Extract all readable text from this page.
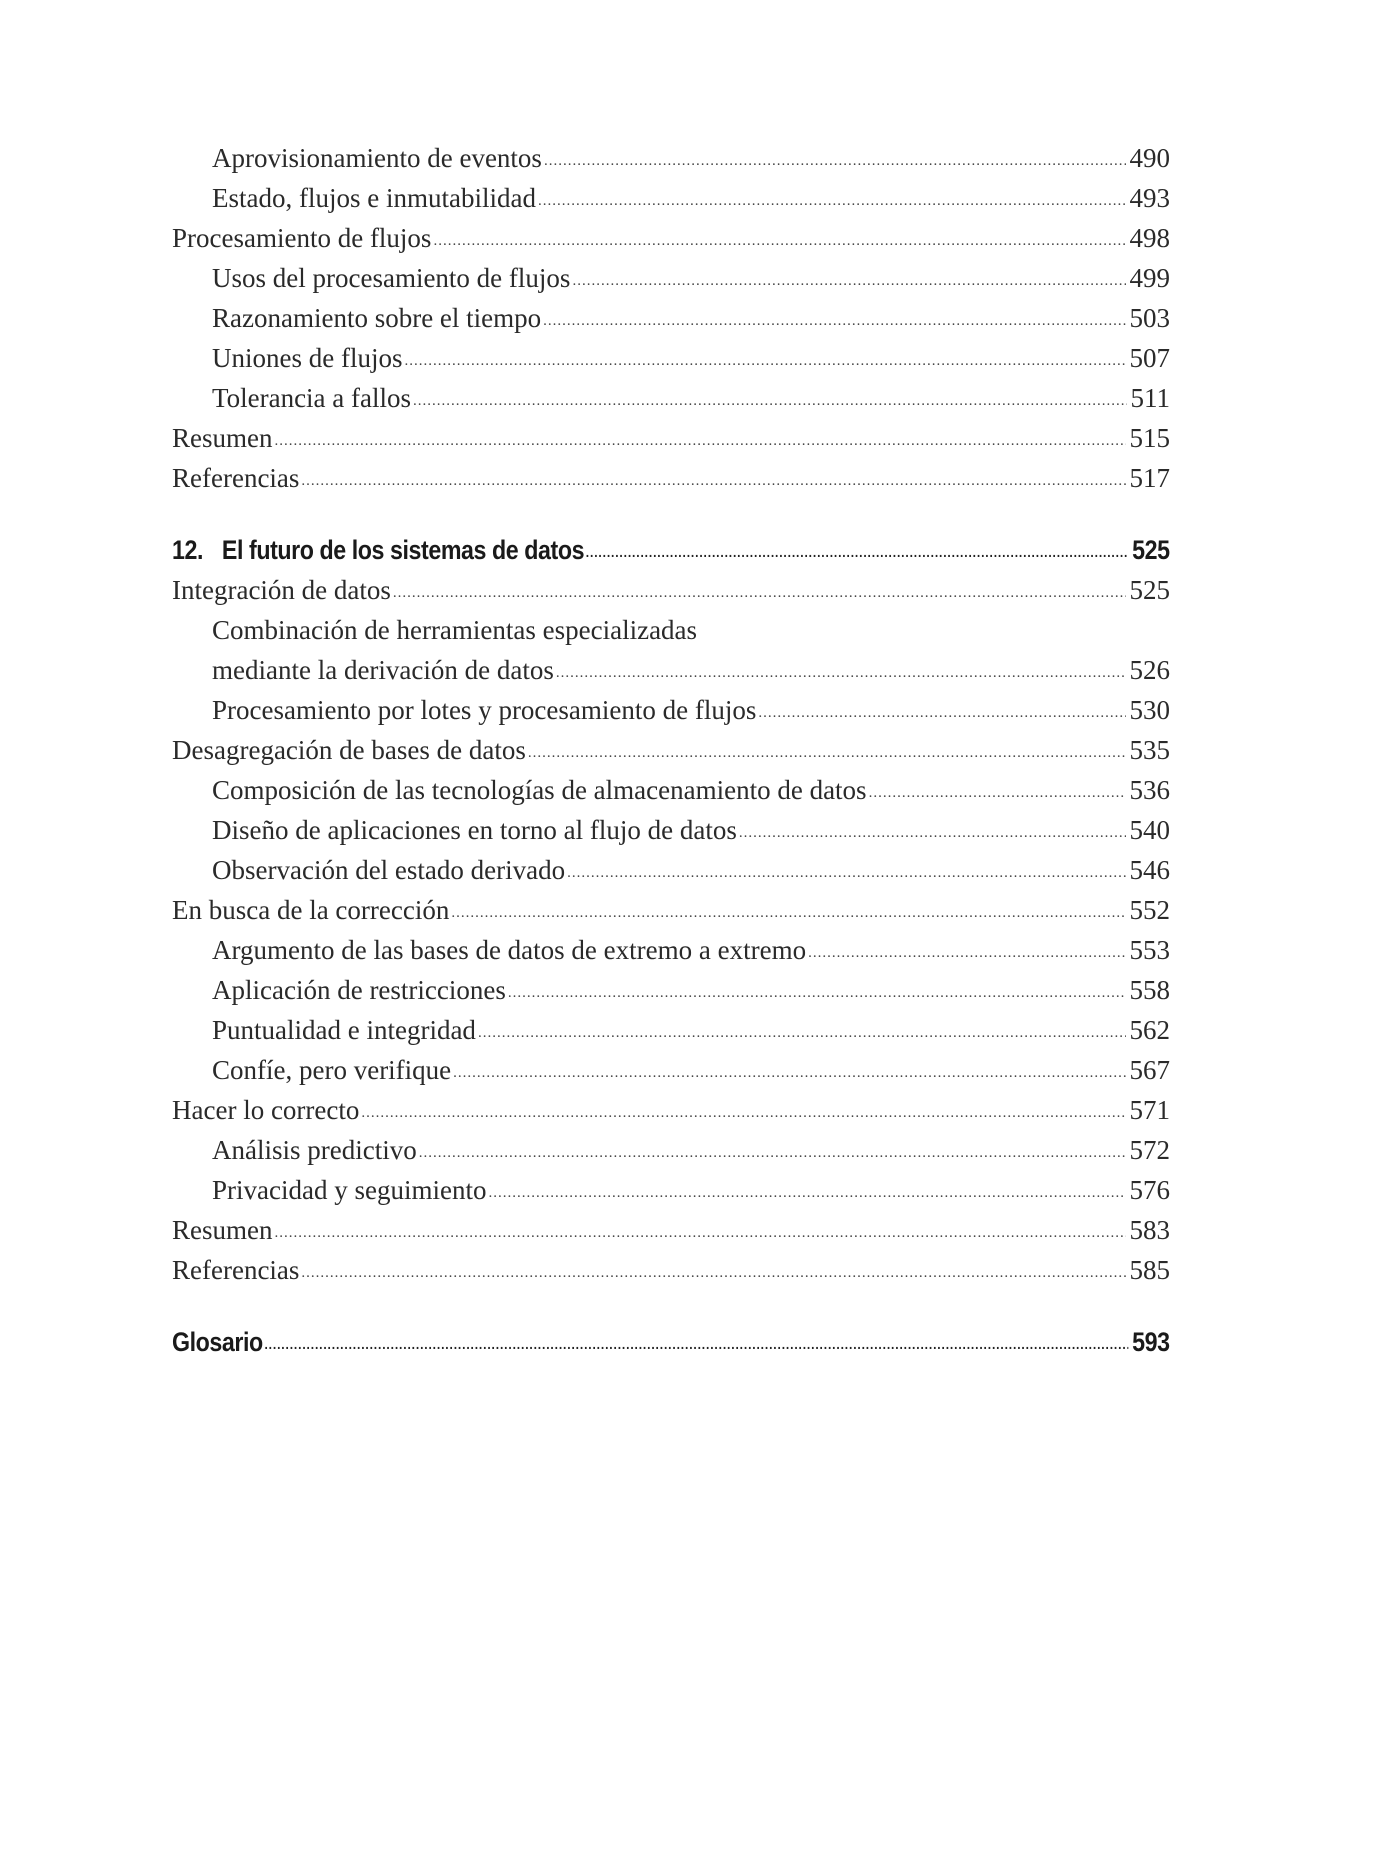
Aprovisionamiento de eventos .....	490
Estado, flujos e inmutabilidad .....	493
Procesamiento de flujos .....	498
Usos del procesamiento de flujos .....	499
Razonamiento sobre el tiempo .....	503
Uniones de flujos .....	507
Tolerancia a fallos .....	511
Resumen .....	515
Referencias .....	517
12. El futuro de los sistemas de datos .....	525
Integración de datos .....	525
Combinación de herramientas especializadas
mediante la derivación de datos .....	526
Procesamiento por lotes y procesamiento de flujos .....	530
Desagregación de bases de datos .....	535
Composición de las tecnologías de almacenamiento de datos .....	536
Diseño de aplicaciones en torno al flujo de datos .....	540
Observación del estado derivado .....	546
En busca de la corrección .....	552
Argumento de las bases de datos de extremo a extremo .....	553
Aplicación de restricciones .....	558
Puntualidad e integridad .....	562
Confíe, pero verifique .....	567
Hacer lo correcto .....	571
Análisis predictivo .....	572
Privacidad y seguimiento .....	576
Resumen .....	583
Referencias .....	585
Glosario .....	593
